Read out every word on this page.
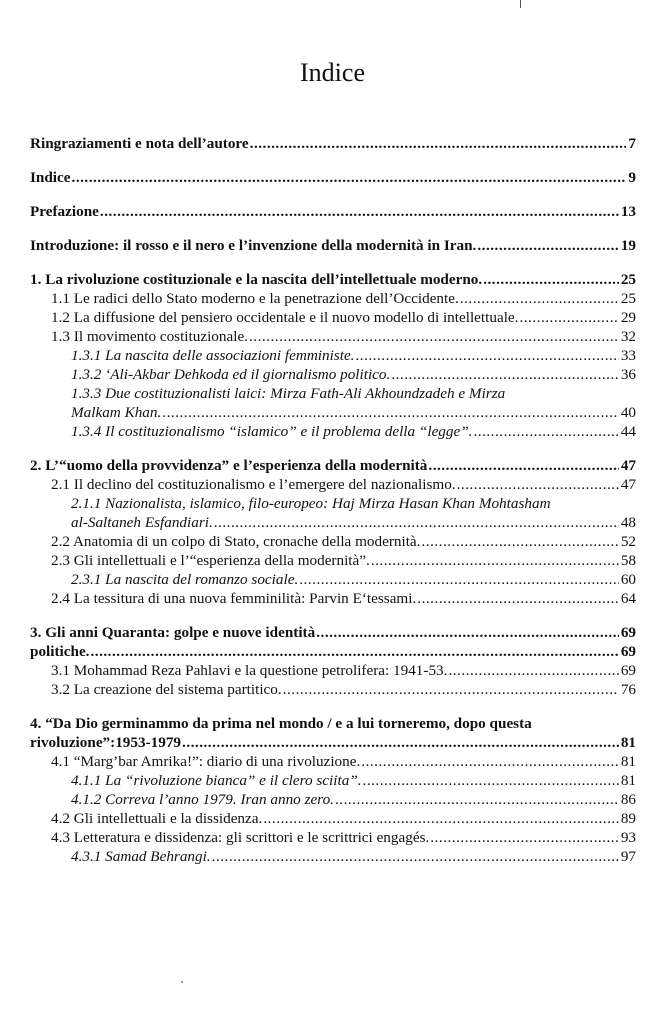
Indice
Ringraziamenti e nota dell’autore .....	7
Indice .....	9
Prefazione .....	13
Introduzione: il rosso e il nero e l’invenzione della modernità in Iran. .....	19
1. La rivoluzione costituzionale e la nascita dell’intellettuale moderno. .....	25
1.1 Le radici dello Stato moderno e la penetrazione dell’Occidente. .....	25
1.2 La diffusione del pensiero occidentale e il nuovo modello di intellettuale. .....	29
1.3 Il movimento costituzionale. .....	32
1.3.1 La nascita delle associazioni femministe. .....	33
1.3.2 ‘Ali-Akbar Dehkoda ed il giornalismo politico. .....	36
1.3.3 Due costituzionalisti laici: Mirza Fath-Ali Akhoundzadeh e Mirza
Malkam Khan. .....	40
1.3.4 Il costituzionalismo “islamico” e il problema della “legge”. .....	44
2. L’“uomo della provvidenza” e l’esperienza della modernità .....	47
2.1 Il declino del costituzionalismo e l’emergere del nazionalismo. .....	47
2.1.1 Nazionalista, islamico, filo-europeo: Haj Mirza Hasan Khan Mohtasham
al-Saltaneh Esfandiari. .....	48
2.2 Anatomia di un colpo di Stato, cronache della modernità. .....	52
2.3 Gli intellettuali e l’“esperienza della modernità”. .....	58
2.3.1 La nascita del romanzo sociale. .....	60
2.4 La tessitura di una nuova femminilità: Parvin E‘tessami. .....	64
3. Gli anni Quaranta: golpe e nuove identità .....	69
politiche. .....	69
3.1 Mohammad Reza Pahlavi e la questione petrolifera: 1941-53. .....	69
3.2 La creazione del sistema partitico. .....	76
4. “Da Dio germinammo da prima nel mondo / e a lui torneremo, dopo questa
rivoluzione”:1953-1979 .....	81
4.1 “Marg’bar Amrika!”: diario di una rivoluzione. .....	81
4.1.1 La “rivoluzione bianca” e il clero sciita”. .....	81
4.1.2 Correva l’anno 1979. Iran anno zero. .....	86
4.2 Gli intellettuali e la dissidenza. .....	89
4.3 Letteratura e dissidenza: gli scrittori e le scrittrici engagés. .....	93
4.3.1 Samad Behrangi. .....	97
